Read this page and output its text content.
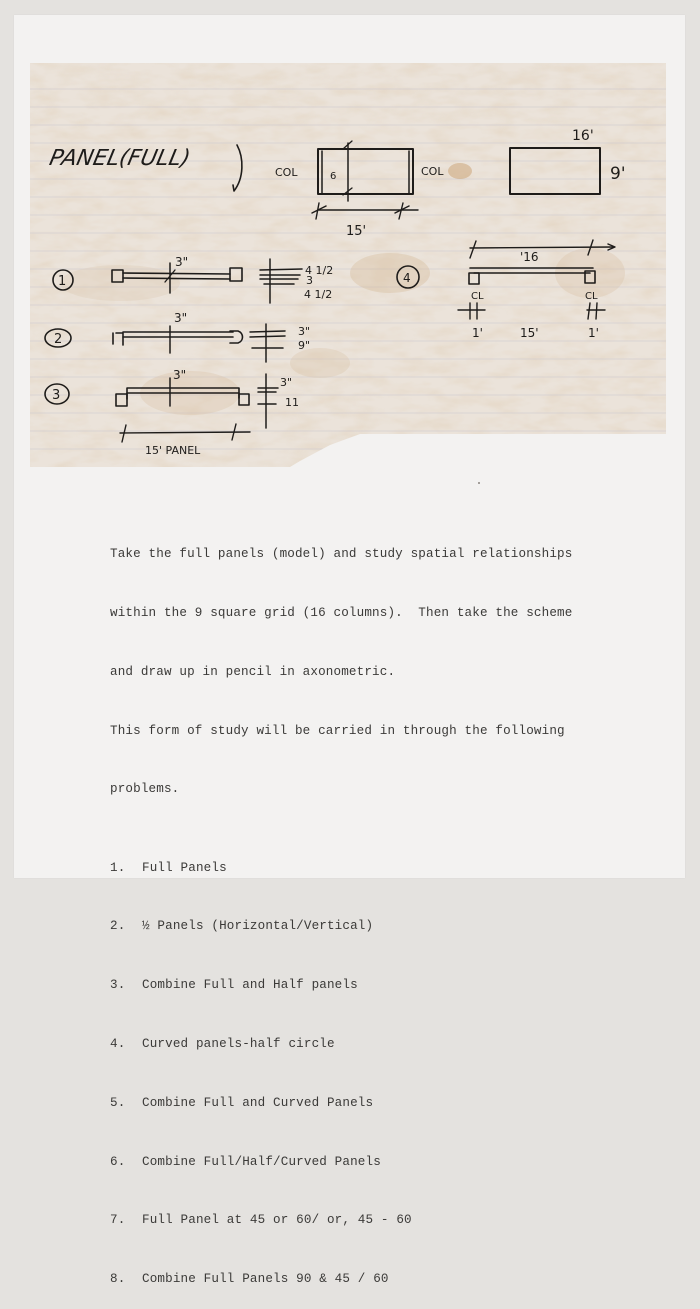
PANEL(FULL)
COL	6	COL
15'
16'
9'
1
3"
4 1/2
3
4 1/2
2
3"
3"
9"
3
3"
3"
11
15' PANEL
4
'16
CL	CL
1'	15'	1'

Take the full panels (model) and study spatial relationships

within the 9 square grid (16 columns).  Then take the scheme

and draw up in pencil in axonometric.

This form of study will be carried in through the following

problems.

1. Full Panels

2. ½ Panels (Horizontal/Vertical)

3. Combine Full and Half panels

4. Curved panels-half circle

5. Combine Full and Curved Panels

6. Combine Full/Half/Curved Panels

7. Full Panel at 45 or 60/ or, 45 - 60

8. Combine Full Panels 90 & 45 / 60
